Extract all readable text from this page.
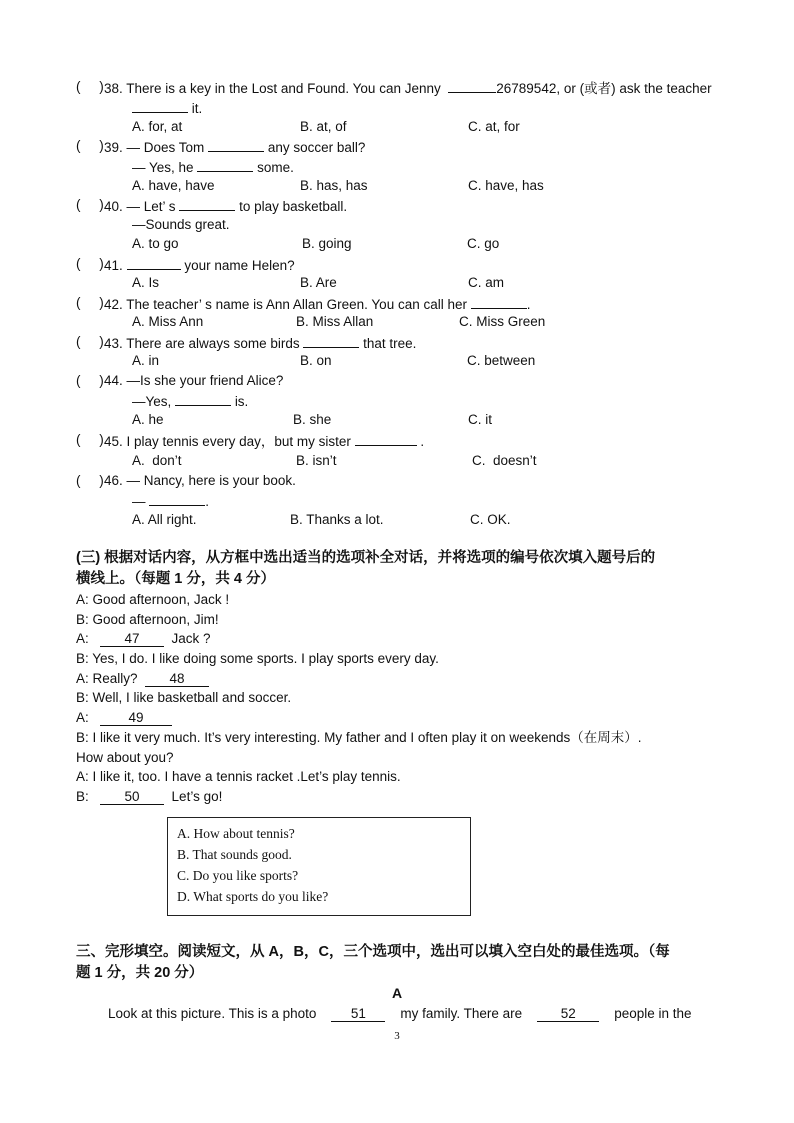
(     ) 38. There is a key in the Lost and Found. You can Jenny	26789542, or (或者) ask the teacher
it.
A. for, at	B. at, of	C. at, for
(     ) 39. — Does Tom	any soccer ball?
— Yes, he	some.
A. have, have	B. has, has	C. have, has
(     ) 40. — Let’ s	to play basketball.
—Sounds great.
A. to go	B. going	C. go
(     ) 41.	your name Helen?
A. Is	B. Are	C. am
(     ) 42. The teacher’ s name is Ann Allan Green. You can call her	.
A. Miss Ann	B. Miss Allan	C. Miss Green
(     ) 43. There are always some birds	that tree.
A. in	B. on	C. between
(     ) 44. —Is she your friend Alice?
—Yes,	is.
A. he	B. she	C. it
(     ) 45. I play tennis every day，but my sister	.
A.  don’t	B. isn’t	C.  doesn’t
(     ) 46. — Nancy, here is your book.
—	.
A. All right.	B. Thanks a lot.	C. OK.
(三) 根据对话内容，从方框中选出适当的选项补全对话，并将选项的编号依次填入题号后的
横线上。（每题 1 分，共 4 分）
A: Good afternoon, Jack !
B: Good afternoon, Jim!
A:	47 Jack ?
B: Yes, I do. I like doing some sports. I play sports every day.
A: Really? 48
B: Well, I like basketball and soccer.
A:	49
B: I like it very much. It’s very interesting. My father and I often play it on weekends（在周末）.
How about you?
A: I like it, too. I have a tennis racket .Let’s play tennis.
B:	50 Let’s go!
A. How about tennis?
B. That sounds good.
C. Do you like sports?
D. What sports do you like?
三、完形填空。阅读短文，从 A，B，C，三个选项中，选出可以填入空白处的最佳选项。（每
题 1 分，共 20 分）
A
Look at this picture. This is a photo	51	my family. There are	52	people in the
3
